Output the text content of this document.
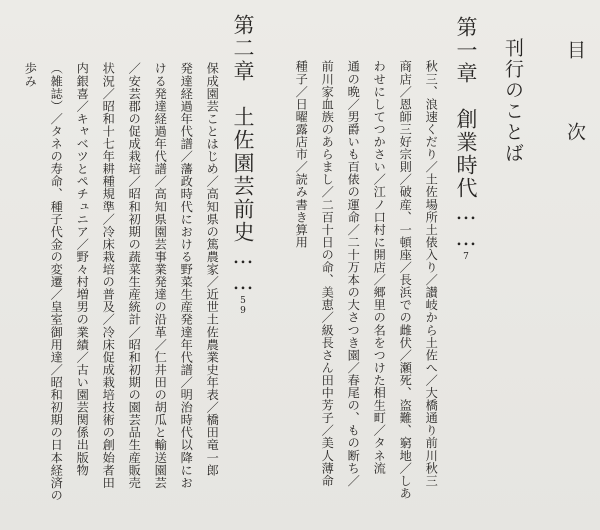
目　次
刊行のことば
第一章　創業時代……7
秋三、浪速くだり／土佐場所土俵入り／讃岐から土佐へ／大橋通り前川秋三
商店／恩師三好宗則／破産、一頓座／長浜での雌伏／瀬死、盗難、窮地／しあ
わせにしてつかさい／江ノ口村に開店／郷里の名をつけた相生町／タネ流
通の晩／男爵いも百俵の運命／二十万本の大さつき園／春尾の、もの断ち／
前川家血族のあらまし／二百十日の命、美恵／級長さん田中芳子／美人薄命
種子／日曜露店市／読み書き算用
第二章　土佐園芸前史……59
保成園芸ことはじめ／高知県の篤農家／近世土佐農業史年表／橋田竜一郎
発達経過年代譜／藩政時代における野菜生産発達年代譜／明治時代以降にお
ける発達経過年代譜／高知県園芸事業発達の沿革／仁井田の胡瓜と輸送園芸
／安芸郡の促成栽培／昭和初期の蔬菜生産統計／昭和初期の園芸品生産販売
状況／昭和十七年耕種規準／冷床栽培の普及／冷床促成栽培技術の創始者田
内銀喜／キャベツとペチュニア／野々村増男の業績／古い園芸関係出版物
（雑誌）／タネの寿命、種子代金の変遷／皇室御用達／昭和初期の日本経済の
歩み
